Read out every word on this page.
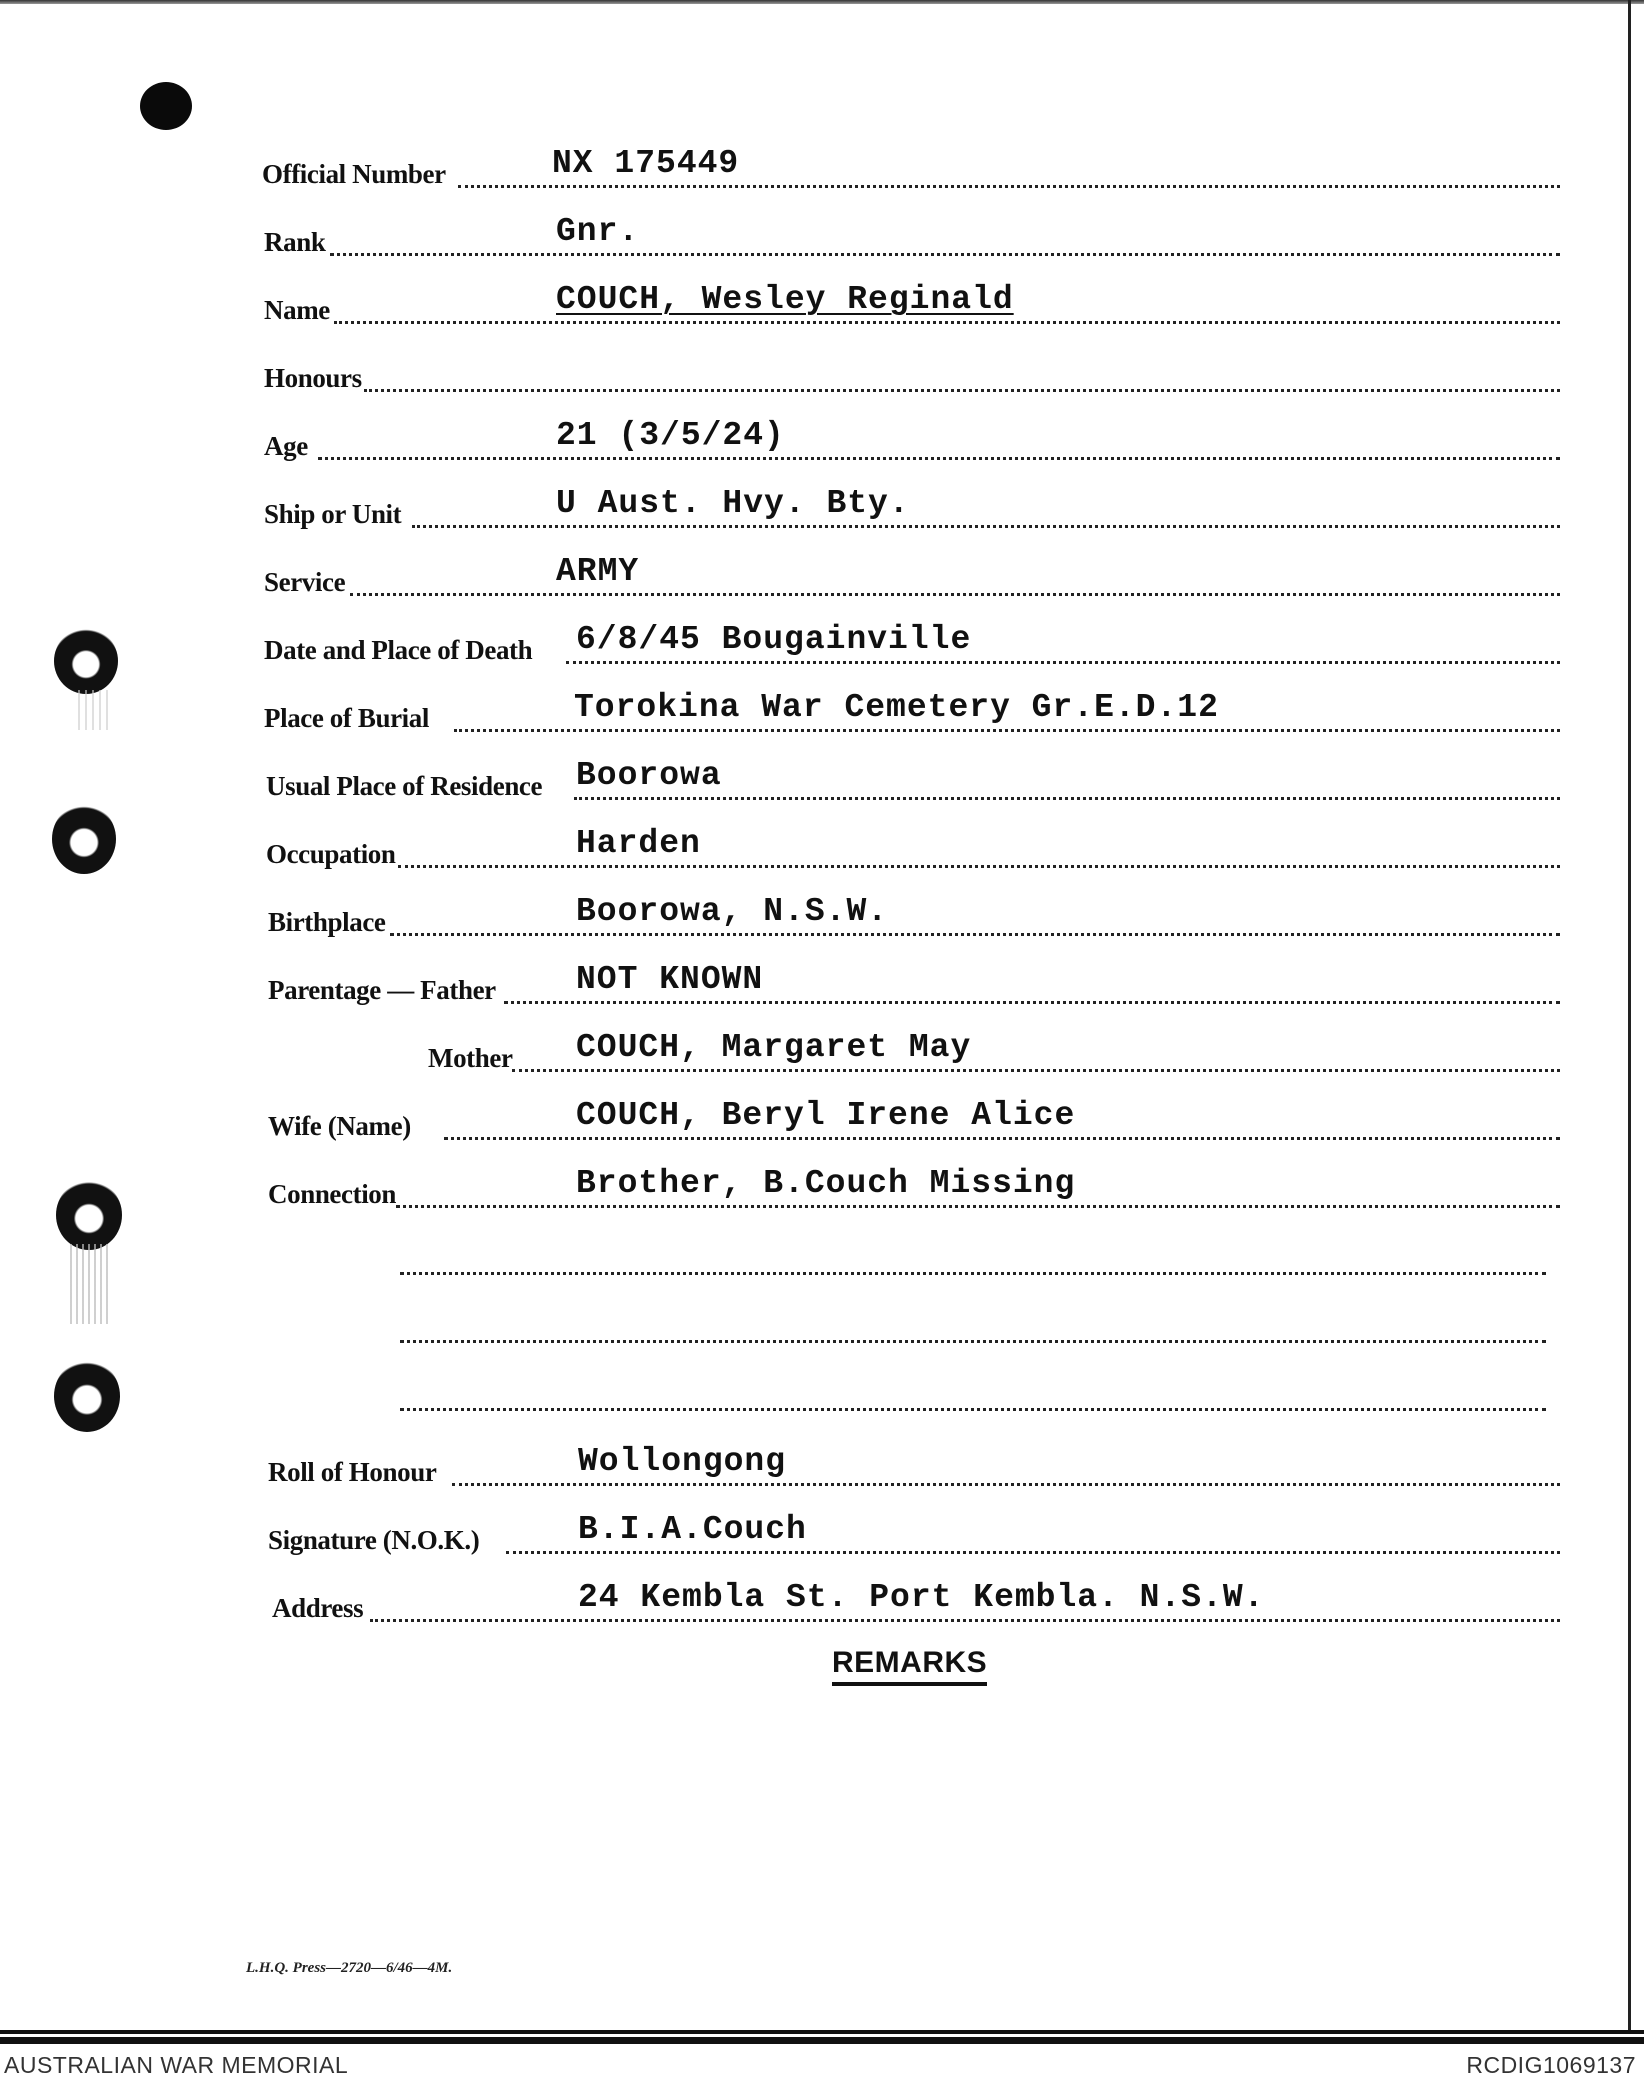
Official Number	NX 175449
Rank	Gnr.
Name	COUCH, Wesley Reginald
Honours
Age	21 (3/5/24)
Ship or Unit	U Aust. Hvy. Bty.
Service	ARMY
Date and Place of Death 6/8/45 Bougainville
Place of Burial	Torokina War Cemetery Gr.E.D.12
Usual Place of Residence Boorowa
Occupation	Harden
Birthplace	Boorowa, N.S.W.
Parentage — Father NOT KNOWN
Mother COUCH, Margaret May
Wife (Name)	COUCH, Beryl Irene Alice
Connection	Brother, B.Couch Missing
Roll of Honour	Wollongong
Signature (N.O.K.)	B.I.A.Couch
Address	24 Kembla St. Port Kembla. N.S.W.
REMARKS
L.H.Q. Press—2720—6/46—4M.
AUSTRALIAN WAR MEMORIAL	RCDIG1069137
